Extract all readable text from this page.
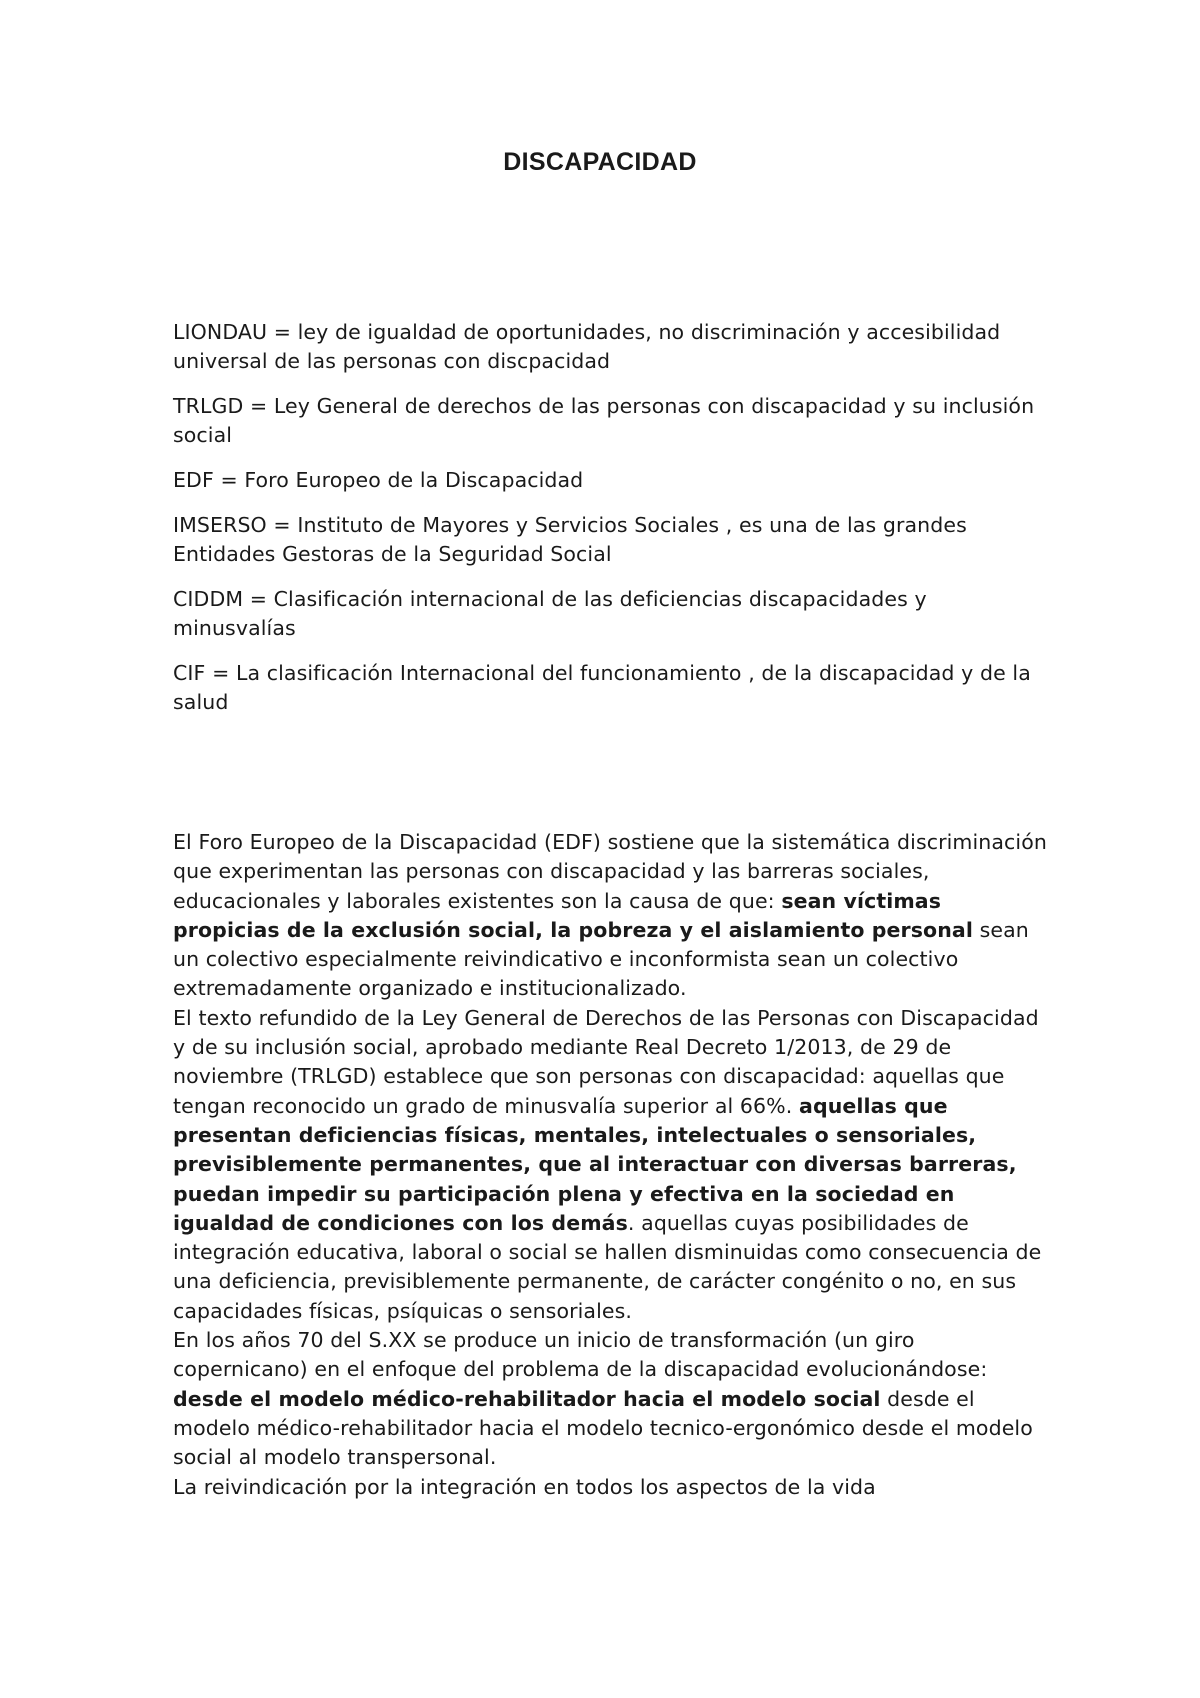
DISCAPACIDAD

LIONDAU = ley de igualdad de oportunidades, no discriminación y accesibilidad universal de las personas con discpacidad

TRLGD = Ley General de derechos de las personas con discapacidad y su inclusión social

EDF = Foro Europeo de la Discapacidad

IMSERSO = Instituto de Mayores y Servicios Sociales , es una de las grandes Entidades Gestoras de la Seguridad Social

CIDDM = Clasificación internacional de las deficiencias discapacidades y minusvalías

CIF = La clasificación Internacional del funcionamiento , de la discapacidad y de la salud

El Foro Europeo de la Discapacidad (EDF) sostiene que la sistemática discriminación que experimentan las personas con discapacidad y las barreras sociales, educacionales y laborales existentes son la causa de que: sean víctimas propicias de la exclusión social, la pobreza y el aislamiento personal sean un colectivo especialmente reivindicativo e inconformista sean un colectivo extremadamente organizado e institucionalizado.

El texto refundido de la Ley General de Derechos de las Personas con Discapacidad y de su inclusión social, aprobado mediante Real Decreto 1/2013, de 29 de noviembre (TRLGD) establece que son personas con discapacidad: aquellas que tengan reconocido un grado de minusvalía superior al 66%. aquellas que presentan deficiencias físicas, mentales, intelectuales o sensoriales, previsiblemente permanentes, que al interactuar con diversas barreras, puedan impedir su participación plena y efectiva en la sociedad en igualdad de condiciones con los demás. aquellas cuyas posibilidades de integración educativa, laboral o social se hallen disminuidas como consecuencia de una deficiencia, previsiblemente permanente, de carácter congénito o no, en sus capacidades físicas, psíquicas o sensoriales.

En los años 70 del S.XX se produce un inicio de transformación (un giro copernicano) en el enfoque del problema de la discapacidad evolucionándose: desde el modelo médico-rehabilitador hacia el modelo social desde el modelo médico-rehabilitador hacia el modelo tecnico-ergonómico desde el modelo social al modelo transpersonal.

La reivindicación por la integración en todos los aspectos de la vida
